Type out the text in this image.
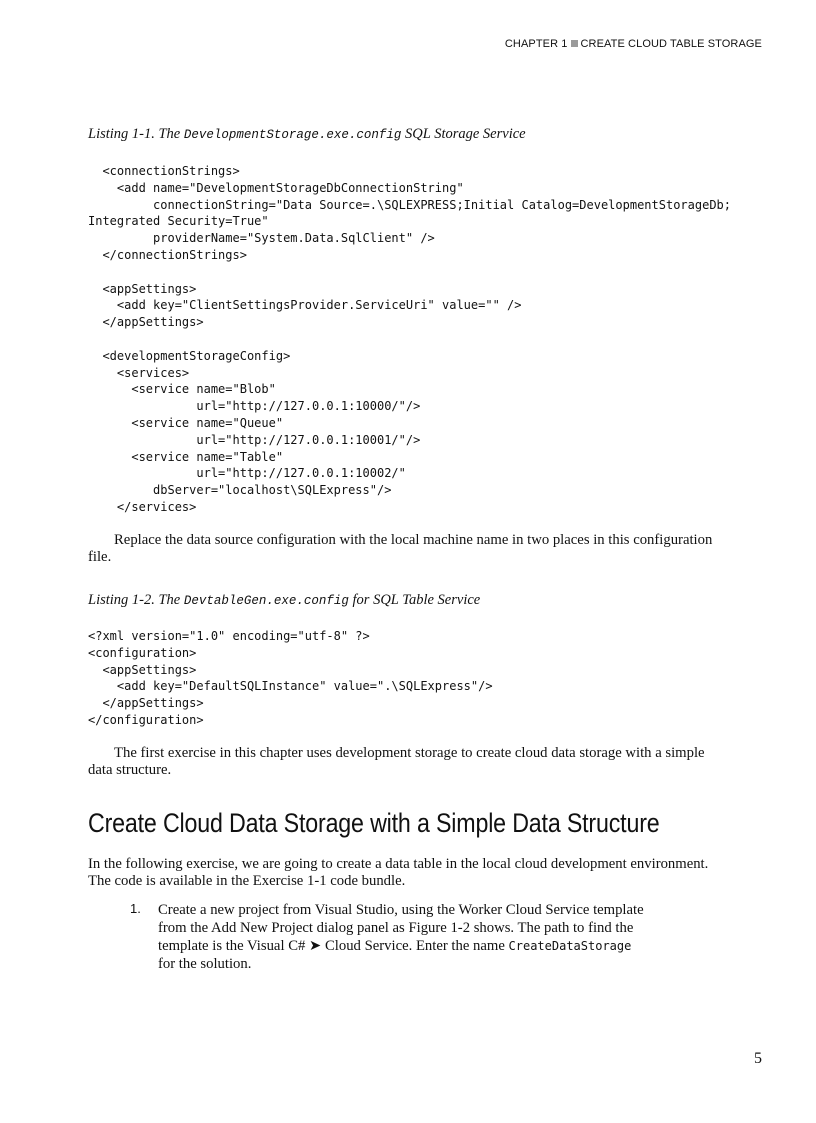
CHAPTER 1 CREATE CLOUD TABLE STORAGE
Listing 1-1. The DevelopmentStorage.exe.config SQL Storage Service
<connectionStrings>
<add name="DevelopmentStorageDbConnectionString"
connectionString="Data Source=.\SQLEXPRESS;Initial Catalog=DevelopmentStorageDb;
Integrated Security=True"
providerName="System.Data.SqlClient" />
</connectionStrings>

<appSettings>
<add key="ClientSettingsProvider.ServiceUri" value="" />
</appSettings>

<developmentStorageConfig>
<services>
<service name="Blob"
url="http://127.0.0.1:10000/"/>
<service name="Queue"
url="http://127.0.0.1:10001/"/>
<service name="Table"
url="http://127.0.0.1:10002/"
dbServer="localhost\SQLExpress"/>
</services>

Replace the data source configuration with the local machine name in two places in this configuration file.

Listing 1-2. The DevtableGen.exe.config for SQL Table Service
<?xml version="1.0" encoding="utf-8" ?>
<configuration>
<appSettings>
<add key="DefaultSQLInstance" value=".\SQLExpress"/>
</appSettings>
</configuration>

The first exercise in this chapter uses development storage to create cloud data storage with a simple data structure.

Create Cloud Data Storage with a Simple Data Structure

In the following exercise, we are going to create a data table in the local cloud development environment. The code is available in the Exercise 1-1 code bundle.

1. Create a new project from Visual Studio, using the Worker Cloud Service template from the Add New Project dialog panel as Figure 1-2 shows. The path to find the template is the Visual C# ➤ Cloud Service. Enter the name CreateDataStorage for the solution.
5
